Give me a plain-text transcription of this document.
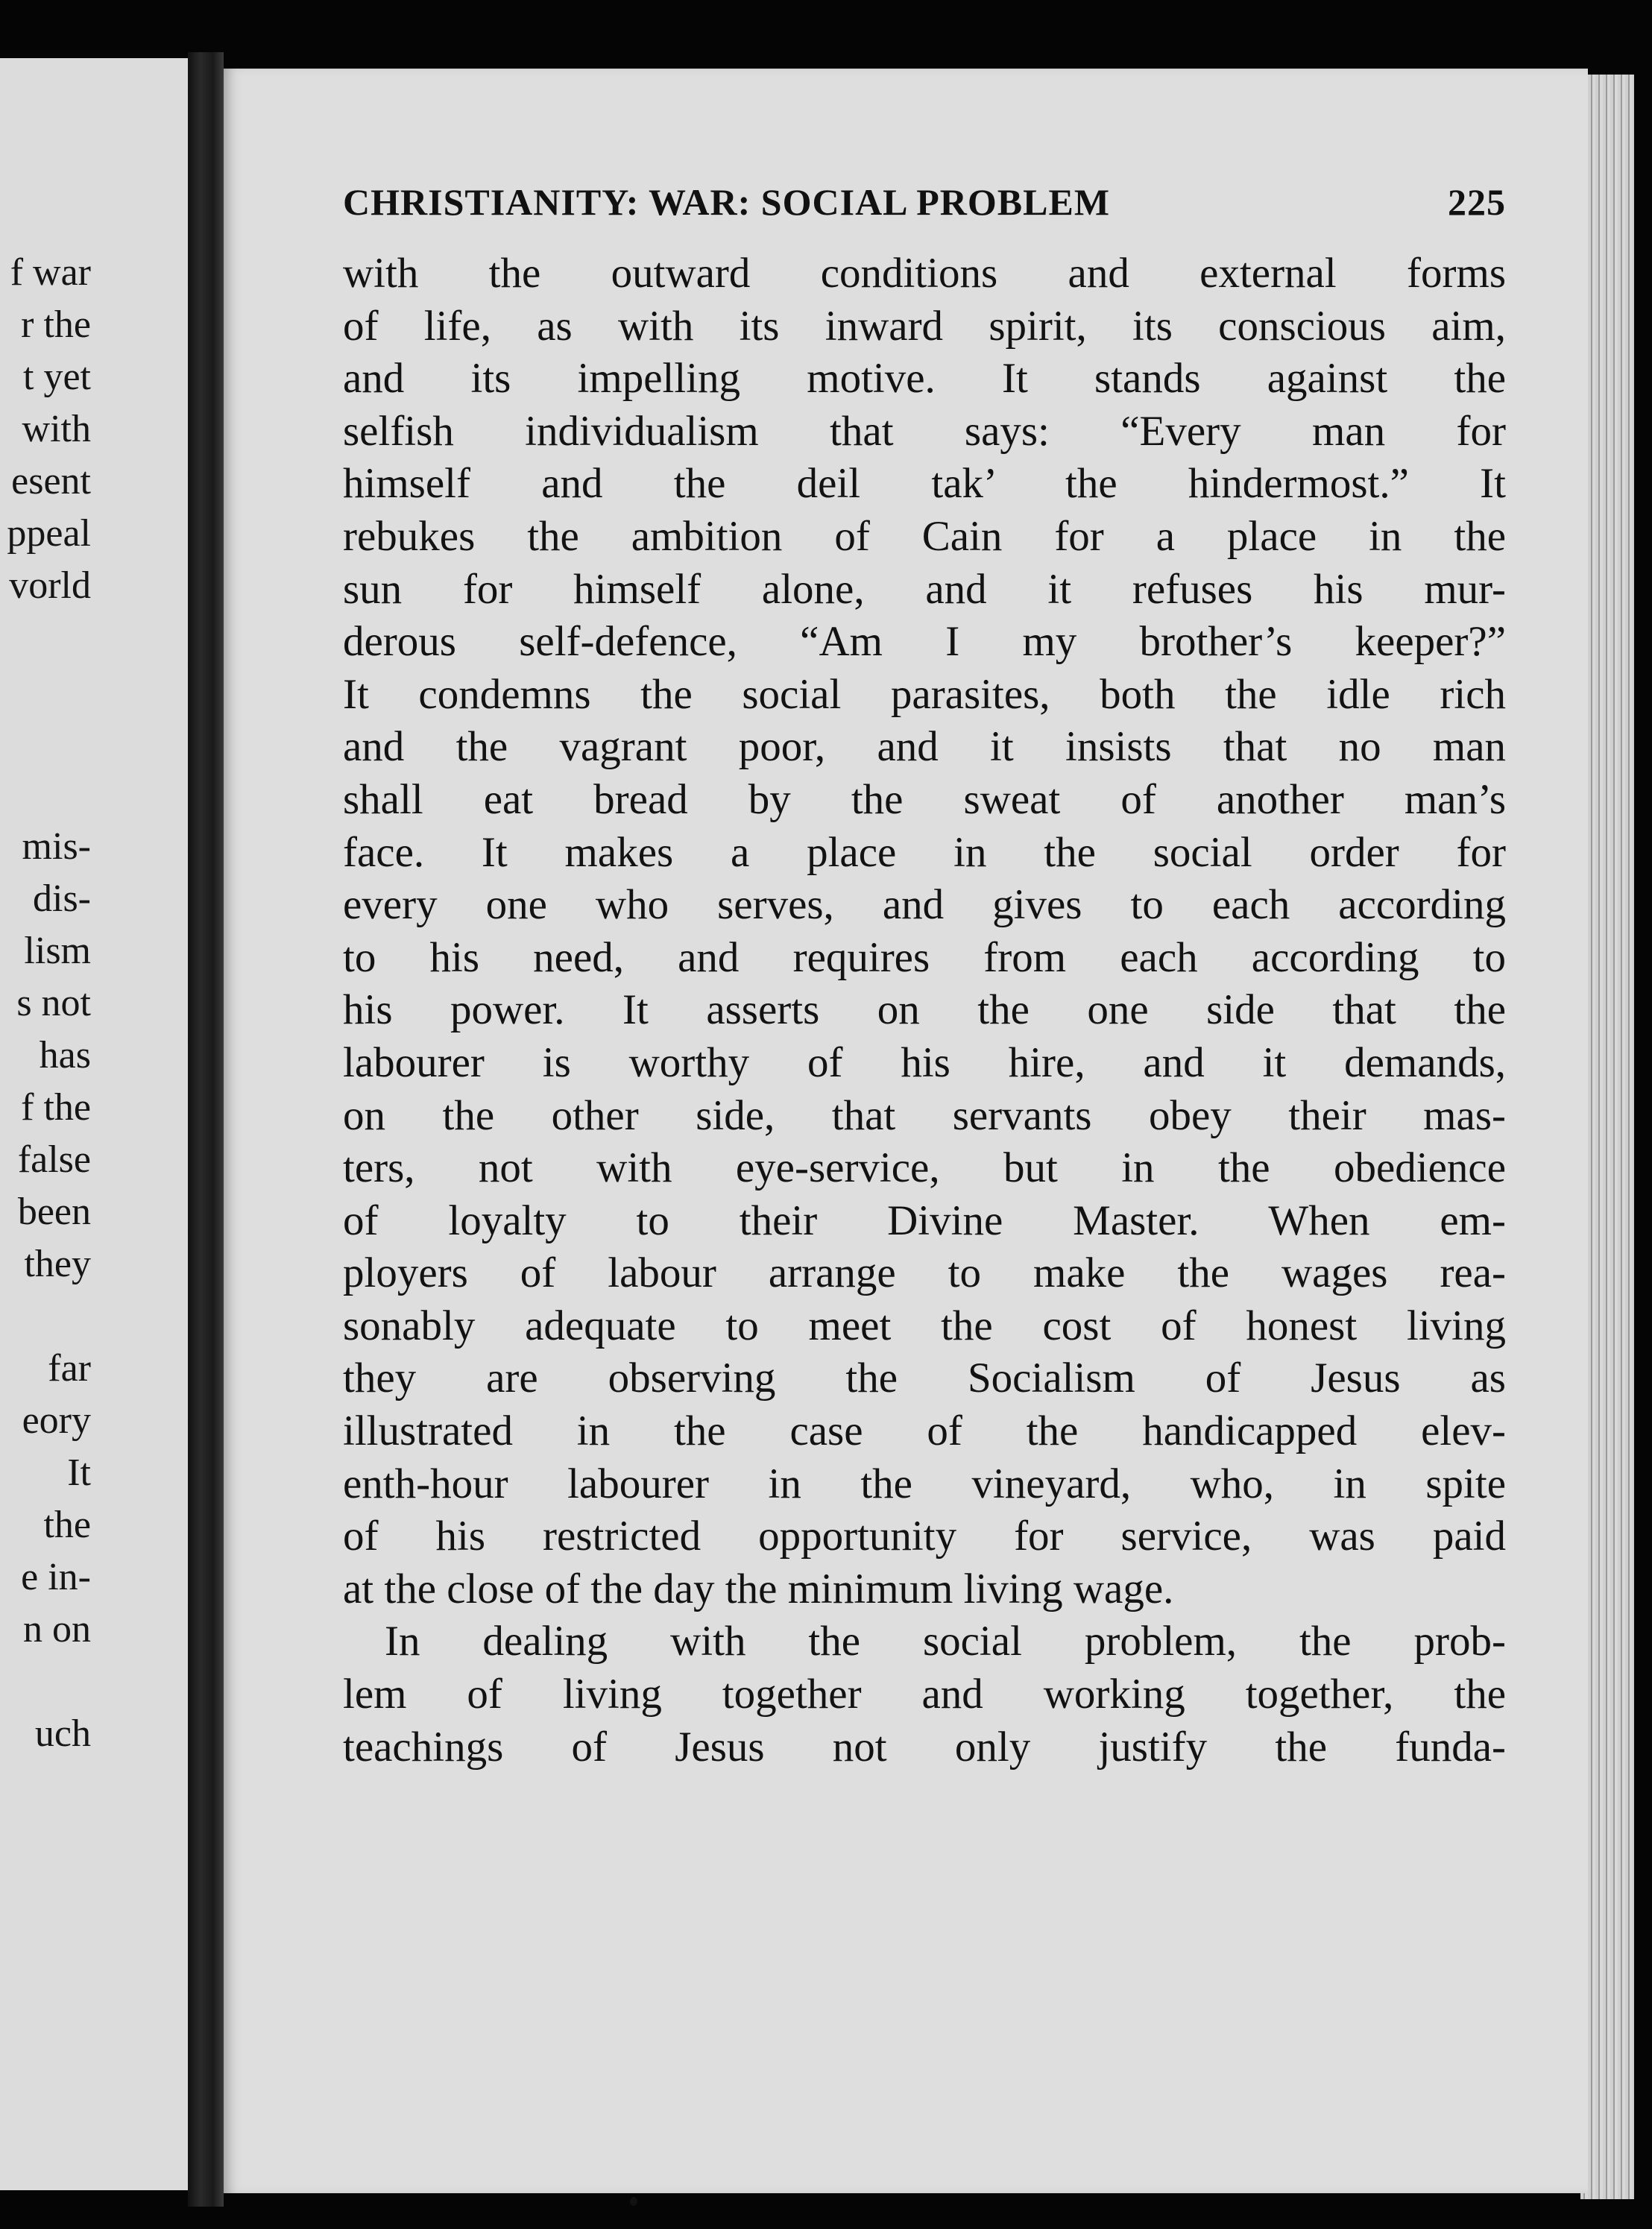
f war
r the
t yet
with
esent
ppeal
vorld
mis-
dis-
lism
s not
has
f the
false
been
they
far
eory
It
the
e in-
n on
uch
CHRISTIANITY: WAR: SOCIAL PROBLEM	225
with the outward conditions and external forms
of life, as with its inward spirit, its conscious aim,
and its impelling motive. It stands against the
selfish individualism that says: “Every man for
himself and the deil tak’ the hindermost.” It
rebukes the ambition of Cain for a place in the
sun for himself alone, and it refuses his mur-
derous self-defence, “Am I my brother’s keeper?”
It condemns the social parasites, both the idle rich
and the vagrant poor, and it insists that no man
shall eat bread by the sweat of another man’s
face. It makes a place in the social order for
every one who serves, and gives to each according
to his need, and requires from each according to
his power. It asserts on the one side that the
labourer is worthy of his hire, and it demands,
on the other side, that servants obey their mas-
ters, not with eye-service, but in the obedience
of loyalty to their Divine Master. When em-
ployers of labour arrange to make the wages rea-
sonably adequate to meet the cost of honest living
they are observing the Socialism of Jesus as
illustrated in the case of the handicapped elev-
enth-hour labourer in the vineyard, who, in spite
of his restricted opportunity for service, was paid
at the close of the day the minimum living wage.
In dealing with the social problem, the prob-
lem of living together and working together, the
teachings of Jesus not only justify the funda-
